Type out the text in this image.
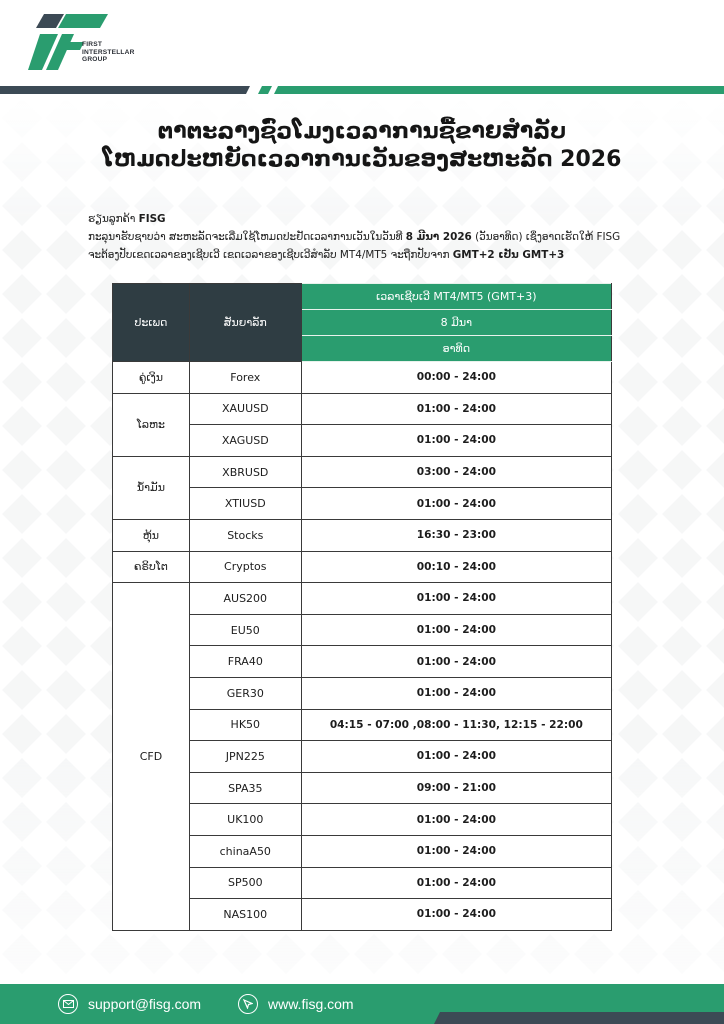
FIRST
INTERSTELLAR
GROUP
ຕາຕະລາງຊົ່ວໂມງເວລາການຊື້ຂາຍສຳລັບ
ໂຫມດປະຫຍັດເວລາການເວັນຂອງສະຫະລັດ 2026
ຮຽນລູກຄ້າ FISG
ກະລຸນາຮັບຊາບວ່າ ສະຫະລັດຈະເລີ່ມໃຊ້ໂຫມດປະຢັດເວລາການເວັນໃນວັນທີ 8 ມີນາ 2026 (ວັນອາທິດ) ເຊິ່ງອາດເຮັດໃຫ້ FISG
ຈະຕ້ອງປັບເຂດເວລາຂອງເຊີບເວີ ເຂດເວລາຂອງເຊີບເວີສຳລັບ MT4/MT5 ຈະຖືກປັບຈາກ GMT+2 ເປັນ GMT+3
ປະເພດ	ສັນຍາລັກ	ເວລາເຊີບເວີ MT4/MT5 (GMT+3)
		8 ມີນາ
		ອາທິດ
ຄູ່ເງິນ	Forex	00:00 - 24:00
ໂລຫະ	XAUUSD	01:00 - 24:00
	XAGUSD	01:00 - 24:00
ນ້ຳມັນ	XBRUSD	03:00 - 24:00
	XTIUSD	01:00 - 24:00
ຫຸ້ນ	Stocks	16:30 - 23:00
ຄຣິບໂຕ	Cryptos	00:10 - 24:00
CFD	AUS200	01:00 - 24:00
	EU50	01:00 - 24:00
	FRA40	01:00 - 24:00
	GER30	01:00 - 24:00
	HK50	04:15 - 07:00 ,08:00 - 11:30, 12:15 - 22:00
	JPN225	01:00 - 24:00
	SPA35	09:00 - 21:00
	UK100	01:00 - 24:00
	chinaA50	01:00 - 24:00
	SP500	01:00 - 24:00
	NAS100	01:00 - 24:00
support@fisg.com	www.fisg.com
